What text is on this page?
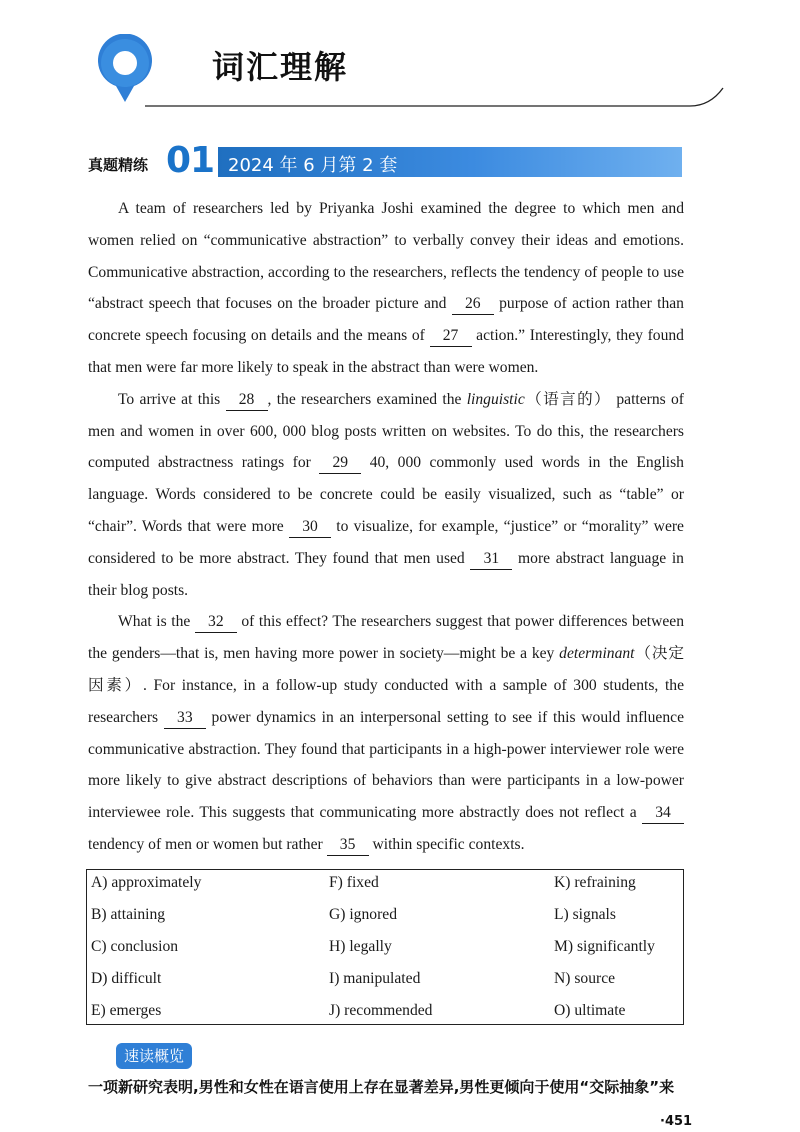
词汇理解
真题精练 01 2024 年 6 月第 2 套

A team of researchers led by Priyanka Joshi examined the degree to which men and women relied on “communicative abstraction” to verbally convey their ideas and emotions. Communicative abstraction, according to the researchers, reflects the tendency of people to use “abstract speech that focuses on the broader picture and 26 purpose of action rather than concrete speech focusing on details and the means of 27 action.” Interestingly, they found that men were far more likely to speak in the abstract than were women.

To arrive at this 28 , the researchers examined the linguistic（语言的） patterns of men and women in over 600, 000 blog posts written on websites. To do this, the researchers computed abstractness ratings for 29 40, 000 commonly used words in the English language. Words considered to be concrete could be easily visualized, such as “table” or “chair”. Words that were more 30 to visualize, for example, “justice” or “morality” were considered to be more abstract. They found that men used 31 more abstract language in their blog posts.

What is the 32 of this effect? The researchers suggest that power differences between the genders—that is, men having more power in society—might be a key determinant（决定因素）. For instance, in a follow-up study conducted with a sample of 300 students, the researchers 33 power dynamics in an interpersonal setting to see if this would influence communicative abstraction. They found that participants in a high-power interviewer role were more likely to give abstract descriptions of behaviors than were participants in a low-power interviewee role. This suggests that communicating more abstractly does not reflect a 34 tendency of men or women but rather 35 within specific contexts.

A) approximately
B) attaining
C) conclusion
D) difficult
E) emerges
F) fixed
G) ignored
H) legally
I) manipulated
J) recommended
K) refraining
L) signals
M) significantly
N) source
O) ultimate
速读概览
一项新研究表明,男性和女性在语言使用上存在显著差异,男性更倾向于使用“交际抽象”来
·451
